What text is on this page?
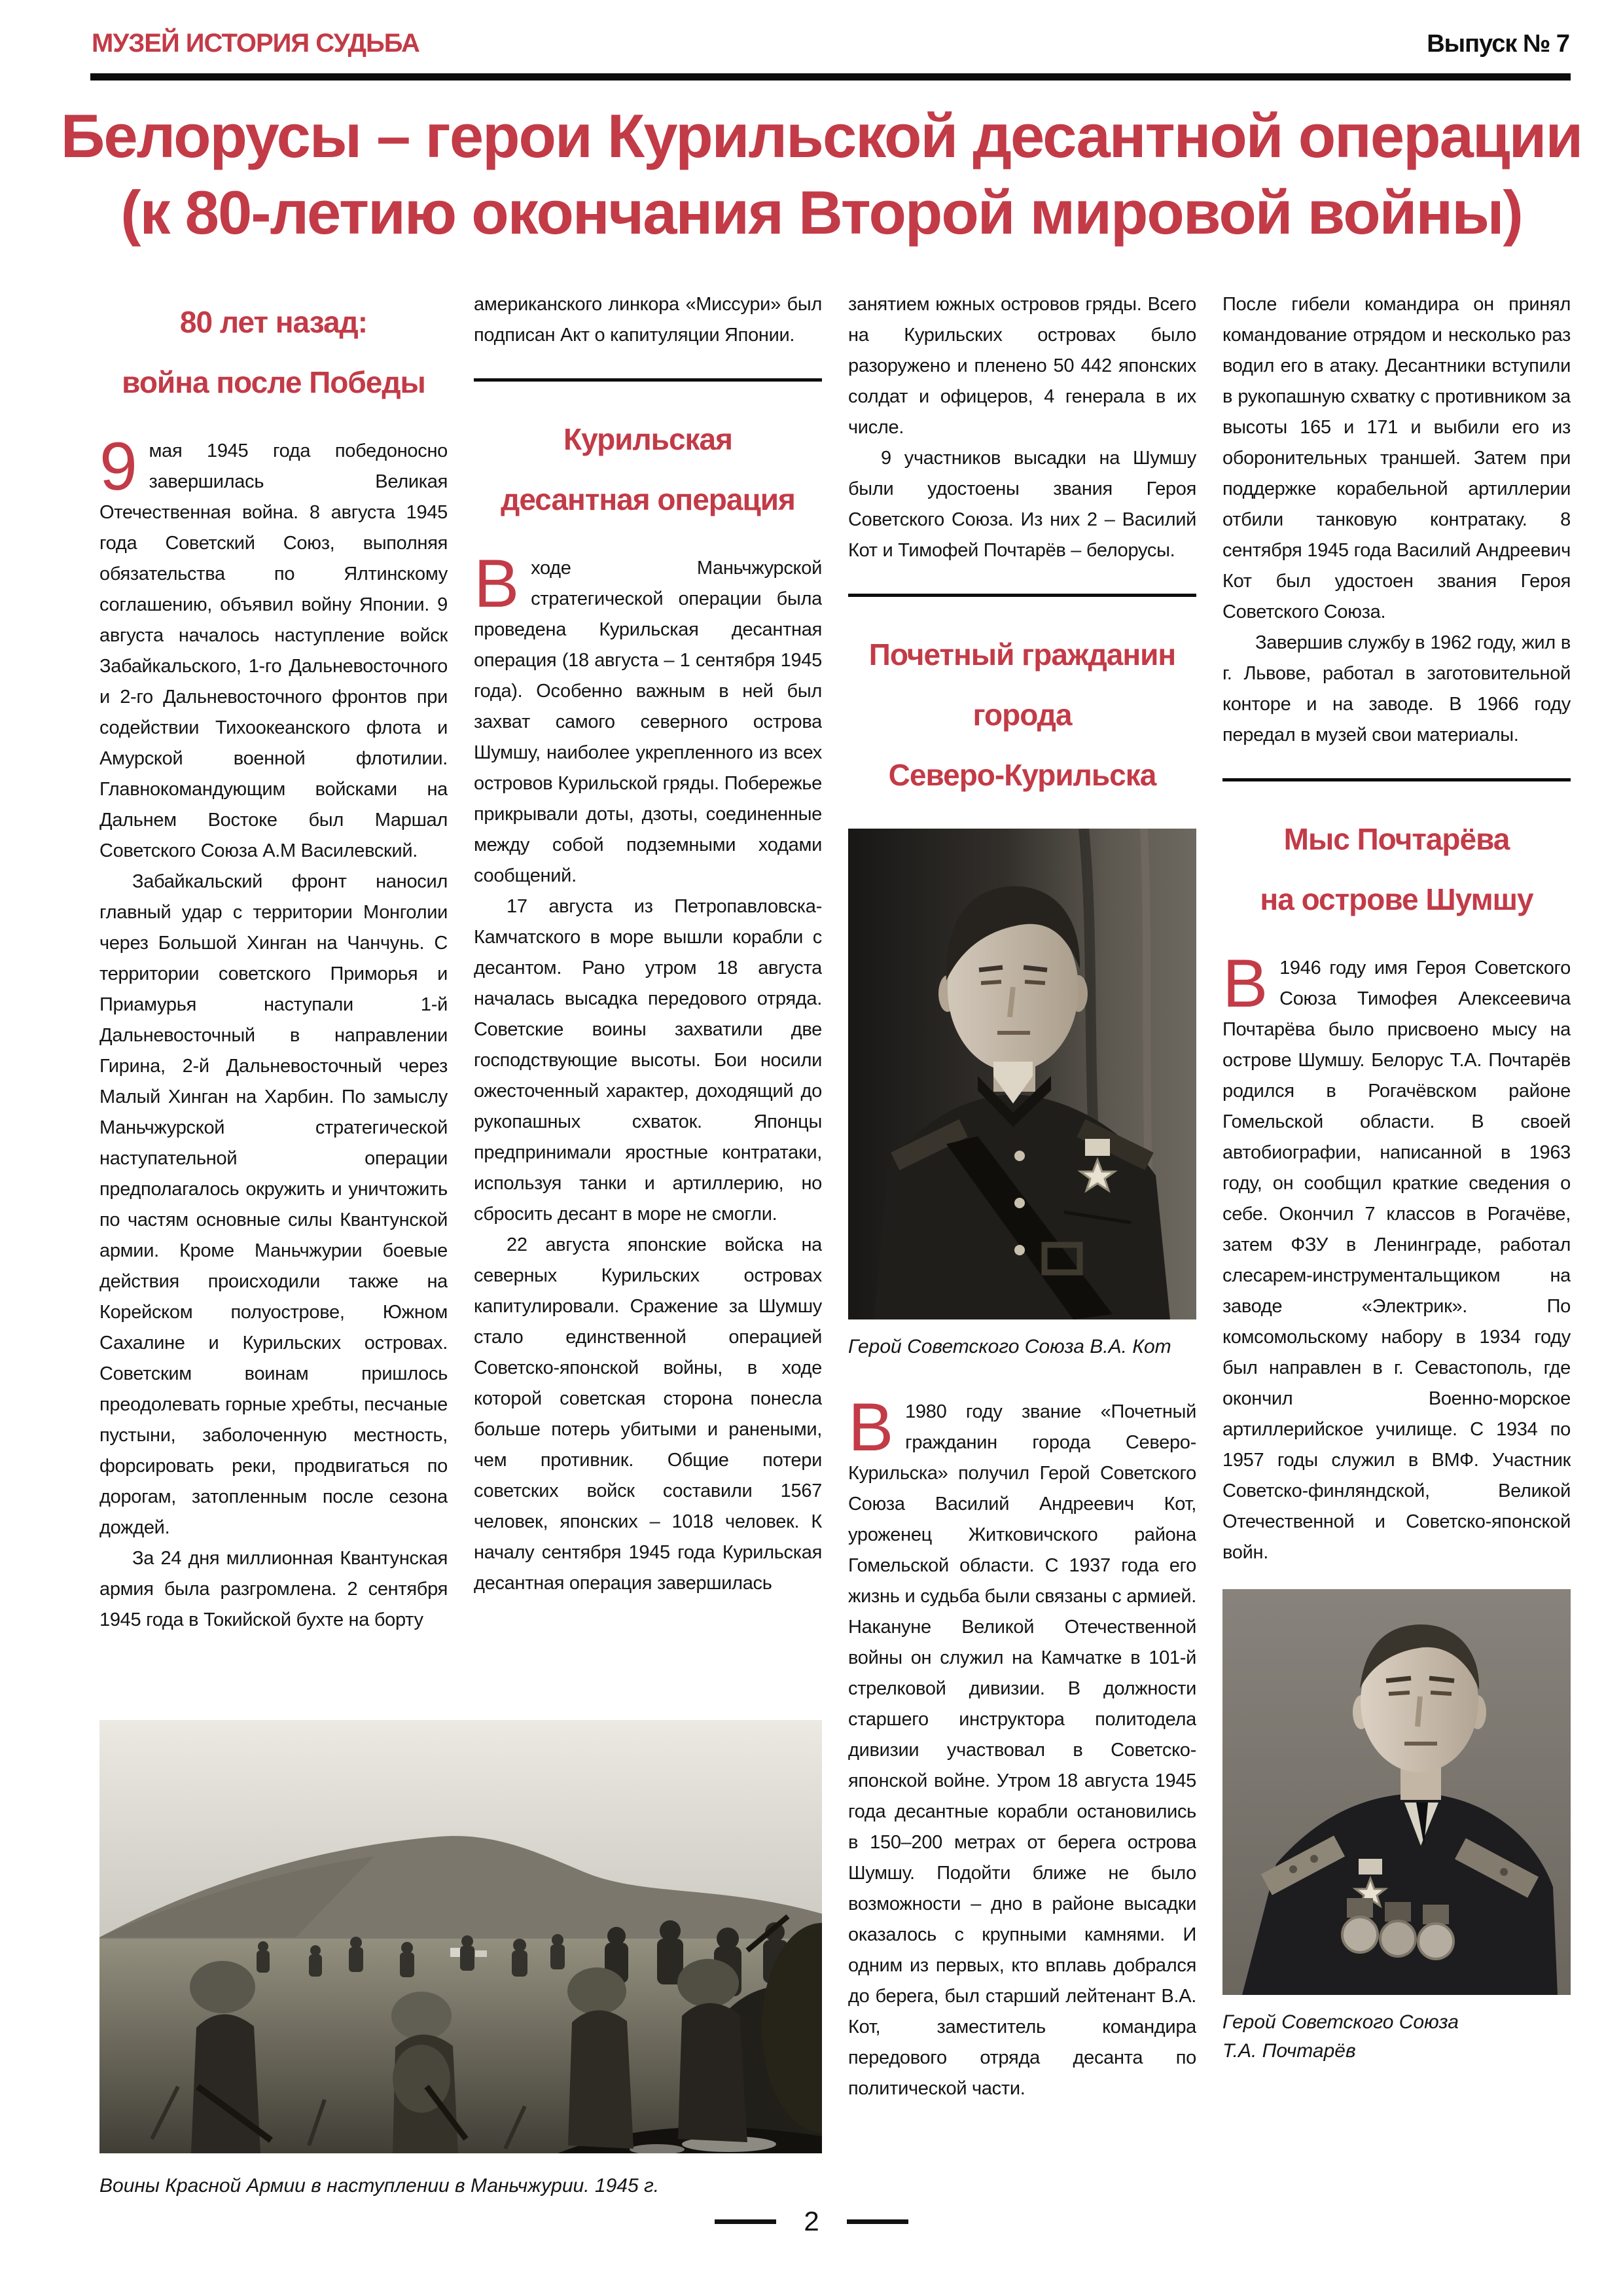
МУЗЕЙ ИСТОРИЯ СУДЬБА	Выпуск № 7
Белорусы – герои Курильской десантной операции
(к 80-летию окончания Второй мировой войны)
80 лет назад:
война после Победы

9 мая 1945 года победоносно завершилась Великая Отечественная война. 8 августа 1945 года Советский Союз, выполняя обязательства по Ялтинскому соглашению, объявил войну Японии. 9 августа началось наступление войск Забайкальского, 1-го Дальневосточного и 2-го Дальневосточного фронтов при содействии Тихоокеанского флота и Амурской военной флотилии. Главнокомандующим войсками на Дальнем Востоке был Маршал Советского Союза А.М Василевский.

Забайкальский фронт наносил главный удар с территории Монголии через Большой Хинган на Чанчунь. С территории советского Приморья и Приамурья наступали 1-й Дальневосточный в направлении Гирина, 2-й Дальневосточный через Малый Хинган на Харбин. По замыслу Маньчжурской стратегической наступательной операции предполагалось окружить и уничтожить по частям основные силы Квантунской армии. Кроме Маньчжурии боевые действия происходили также на Корейском полуострове, Южном Сахалине и Курильских островах. Советским воинам пришлось преодолевать горные хребты, песчаные пустыни, заболоченную местность, форсировать реки, продвигаться по дорогам, затопленным после сезона дождей.

За 24 дня миллионная Квантунская армия была разгромлена. 2 сентября 1945 года в Токийской бухте на борту

американского линкора «Миссури» был подписан Акт о капитуляции Японии.

Курильская
десантная операция

Входе Маньчжурской стратегической операции была проведена Курильская десантная операция (18 августа – 1 сентября 1945 года). Особенно важным в ней был захват самого северного острова Шумшу, наиболее укрепленного из всех островов Курильской гряды. Побережье прикрывали доты, дзоты, соединенные между собой подземными ходами сообщений.

17 августа из Петропавловска-Камчатского в море вышли корабли с десантом. Рано утром 18 августа началась высадка передового отряда. Советские воины захватили две господствующие высоты. Бои носили ожесточенный характер, доходящий до рукопашных схваток. Японцы предпринимали яростные контратаки, используя танки и артиллерию, но сбросить десант в море не смогли.

22 августа японские войска на северных Курильских островах капитулировали. Сражение за Шумшу стало единственной операцией Советско-японской войны, в ходе которой советская сторона понесла больше потерь убитыми и ранеными, чем противник. Общие потери советских войск составили 1567 человек, японских – 1018 человек. К началу сентября 1945 года Курильская десантная операция завершилась

занятием южных островов гряды. Всего на Курильских островах было разоружено и пленено 50 442 японских солдат и офицеров, 4 генерала в их числе.

9 участников высадки на Шумшу были удостоены звания Героя Советского Союза. Из них 2 – Василий Кот и Тимофей Почтарёв – белорусы.

Почетный гражданин
города
Северо-Курильска
Герой Советского Союза В.А. Кот

В 1980 году звание «Почетный гражданин города Северо-Курильска» получил Герой Советского Союза Василий Андреевич Кот, уроженец Житковичского района Гомельской области. С 1937 года его жизнь и судьба были связаны с армией. Накануне Великой Отечественной войны он служил на Камчатке в 101-й стрелковой дивизии. В должности старшего инструктора политодела дивизии участвовал в Советско-японской войне. Утром 18 августа 1945 года десантные корабли остановились в 150–200 метрах от берега острова Шумшу. Подойти ближе не было возможности – дно в районе высадки оказалось с крупными камнями. И одним из первых, кто вплавь добрался до берега, был старший лейтенант В.А. Кот, заместитель командира передового отряда десанта по политической части.

После гибели командира он принял командование отрядом и несколько раз водил его в атаку. Десантники вступили в рукопашную схватку с противником за высоты 165 и 171 и выбили его из оборонительных траншей. Затем при поддержке корабельной артиллерии отбили танковую контратаку. 8 сентября 1945 года Василий Андреевич Кот был удостоен звания Героя Советского Союза.

Завершив службу в 1962 году, жил в г. Львове, работал в заготовительной конторе и на заводе. В 1966 году передал в музей свои материалы.

Мыс Почтарёва
на острове Шумшу

В 1946 году имя Героя Советского Союза Тимофея Алексеевича Почтарёва было присвоено мысу на острове Шумшу. Белорус Т.А. Почтарёв родился в Рогачёвском районе Гомельской области. В своей автобиографии, написанной в 1963 году, он сообщил краткие сведения о себе. Окончил 7 классов в Рогачёве, затем ФЗУ в Ленинграде, работал слесарем-инструментальщиком на заводе «Электрик». По комсомольскому набору в 1934 году был направлен в г. Севастополь, где окончил Военно-морское артиллерийское училище. С 1934 по 1957 годы служил в ВМФ. Участник Советско-финляндской, Великой Отечественной и Советско-японской войн.

Герой Советского Союза
Т.А. Почтарёв
Воины Красной Армии в наступлении в Маньчжурии. 1945 г.
2
